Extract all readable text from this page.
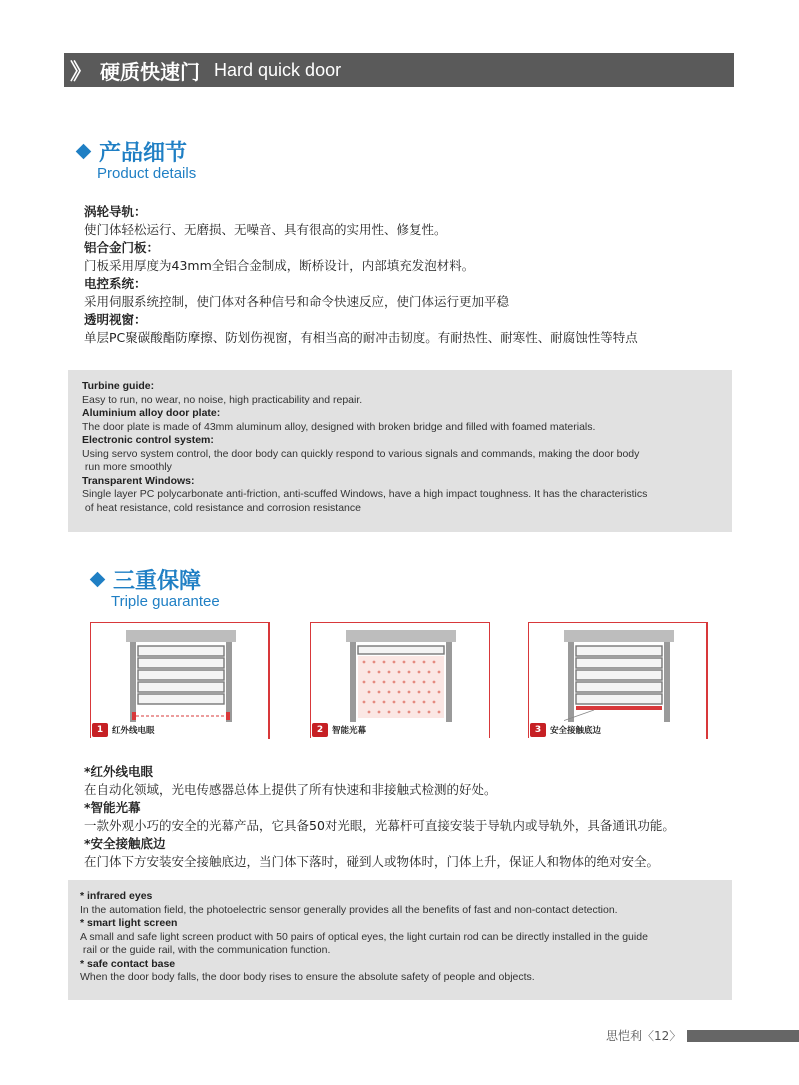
》 硬质快速门 Hard quick door
产品细节
Product details
涡轮导轨：
使门体轻松运行、无磨损、无噪音、具有很高的实用性、修复性。
铝合金门板：
门板采用厚度为43mm全铝合金制成，断桥设计，内部填充发泡材料。
电控系统：
采用伺服系统控制，使门体对各种信号和命令快速反应，使门体运行更加平稳
透明视窗：
单层PC聚碳酸酯防摩擦、防划伤视窗，有相当高的耐冲击韧度。有耐热性、耐寒性、耐腐蚀性等特点
Turbine guide:
Easy to run, no wear, no noise, high practicability and repair.
Aluminium alloy door plate:
The door plate is made of 43mm aluminum alloy, designed with broken bridge and filled with foamed materials.
Electronic control system:
Using servo system control, the door body can quickly respond to various signals and commands, making the door body
run more smoothly
Transparent Windows:
Single layer PC polycarbonate anti-friction, anti-scuffed Windows, have a high impact toughness. It has the characteristics
of heat resistance, cold resistance and corrosion resistance
三重保障
Triple guarantee
1	红外线电眼	2	智能光幕	3	安全接触底边
*红外线电眼
在自动化领域，光电传感器总体上提供了所有快速和非接触式检测的好处。
*智能光幕
一款外观小巧的安全的光幕产品，它具备50对光眼，光幕杆可直接安装于导轨内或导轨外，具备通讯功能。
*安全接触底边
在门体下方安装安全接触底边，当门体下落时，碰到人或物体时，门体上升，保证人和物体的绝对安全。
* infrared eyes
In the automation field, the photoelectric sensor generally provides all the benefits of fast and non-contact detection.
* smart light screen
A small and safe light screen product with 50 pairs of optical eyes, the light curtain rod can be directly installed in the guide
rail or the guide rail, with the communication function.
* safe contact base
When the door body falls, the door body rises to ensure the absolute safety of people and objects.
思恺利〈12〉
